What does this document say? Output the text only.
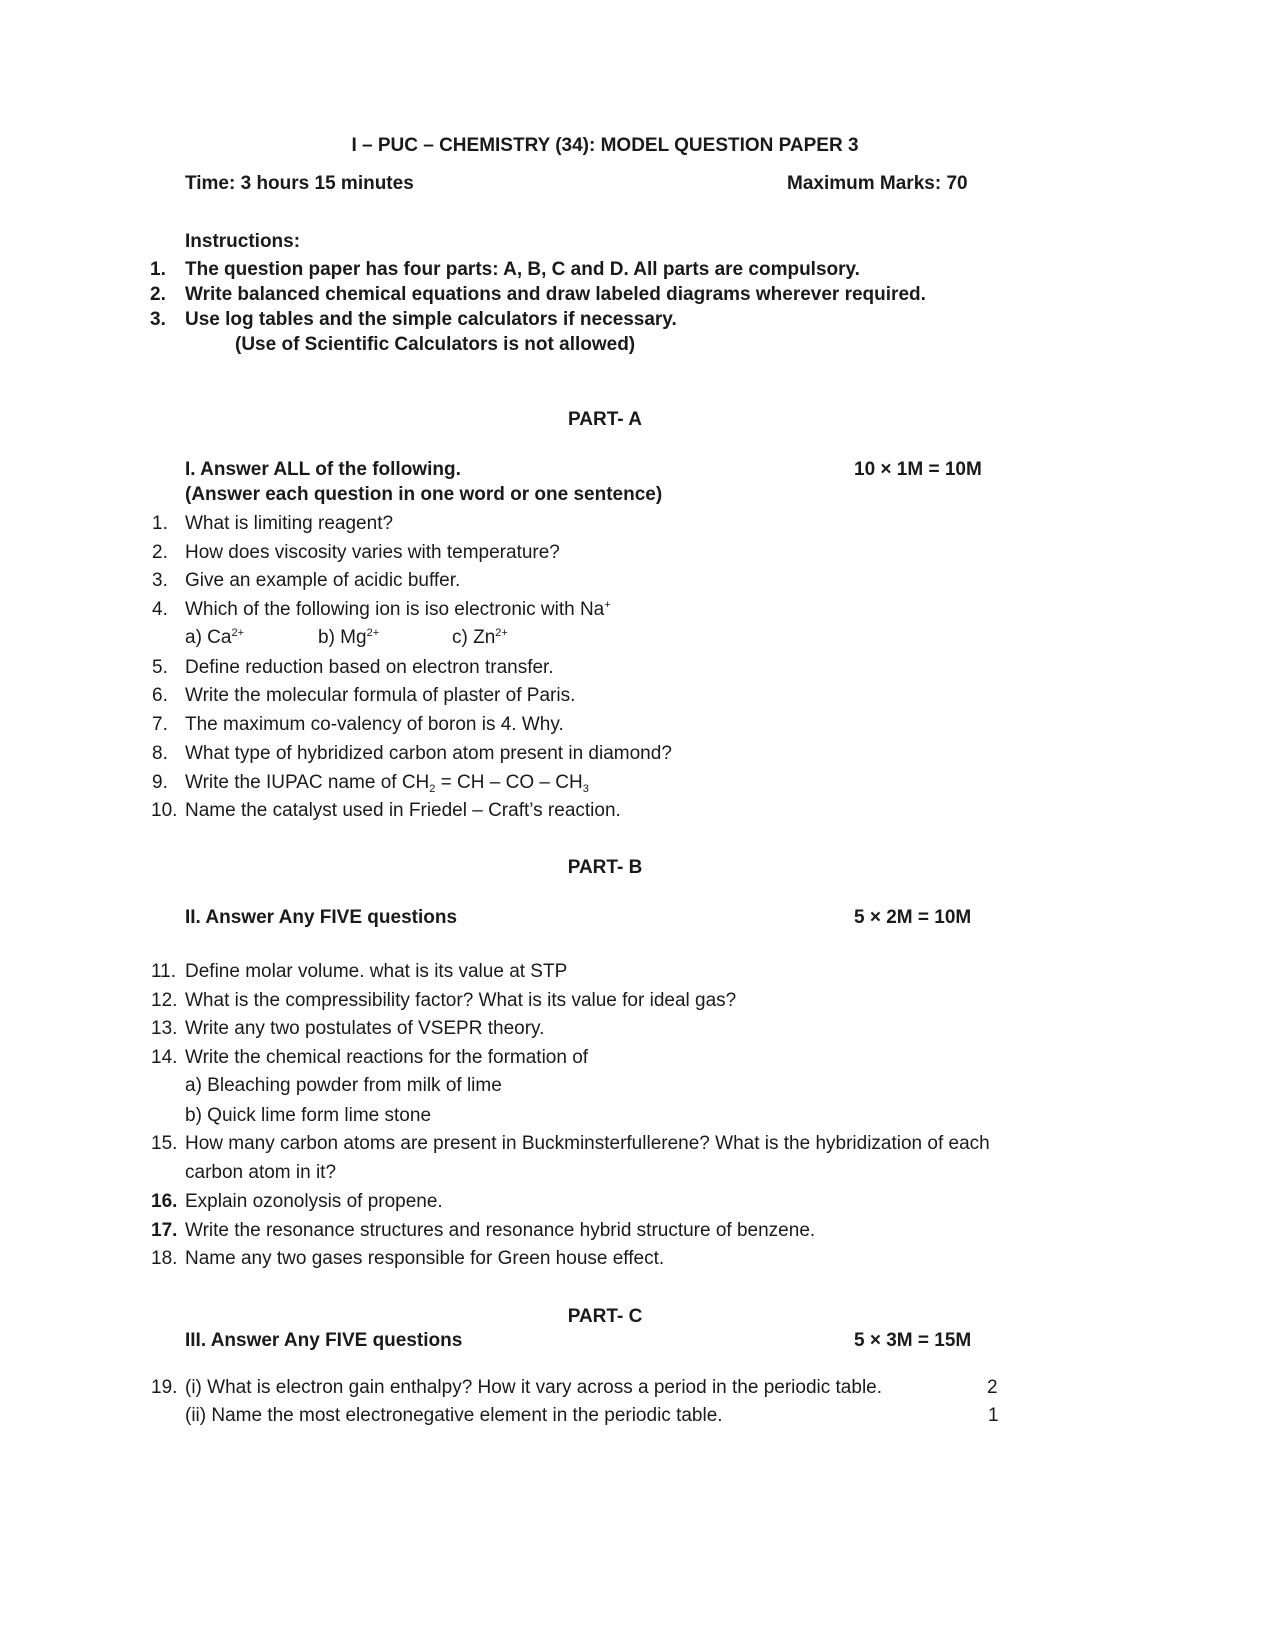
I – PUC – CHEMISTRY (34): MODEL QUESTION PAPER 3
Time: 3 hours 15 minutes	Maximum Marks: 70
Instructions:
1. The question paper has four parts: A, B, C and D. All parts are compulsory.
2. Write balanced chemical equations and draw labeled diagrams wherever required.
3. Use log tables and the simple calculators if necessary.
(Use of Scientific Calculators is not allowed)
PART- A
I. Answer ALL of the following.	10 × 1M = 10M
(Answer each question in one word or one sentence)
1. What is limiting reagent?
2. How does viscosity varies with temperature?
3. Give an example of acidic buffer.
4. Which of the following ion is iso electronic with Na+
a) $Ca^{2+}$	b) $Mg^{2+}$	c) $Zn^{2+}$
5. Define reduction based on electron transfer.
6. Write the molecular formula of plaster of Paris.
7. The maximum co-valency of boron is 4. Why.
8. What type of hybridized carbon atom present in diamond?
9. Write the IUPAC name of $CH_2$ = CH – CO – $CH_3$
10. Name the catalyst used in Friedel – Craft’s reaction.
PART- B
II. Answer Any FIVE questions	5 × 2M = 10M
11. Define molar volume. what is its value at STP
12. What is the compressibility factor? What is its value for ideal gas?
13. Write any two postulates of VSEPR theory.
14. Write the chemical reactions for the formation of
a) Bleaching powder from milk of lime
b) Quick lime form lime stone
15. How many carbon atoms are present in Buckminsterfullerene? What is the hybridization of each
carbon atom in it?
16. Explain ozonolysis of propene.
17. Write the resonance structures and resonance hybrid structure of benzene.
18. Name any two gases responsible for Green house effect.
PART- C
III. Answer Any FIVE questions	5 × 3M = 15M
19. (i) What is electron gain enthalpy? How it vary across a period in the periodic table.	2
(ii) Name the most electronegative element in the periodic table.	1
